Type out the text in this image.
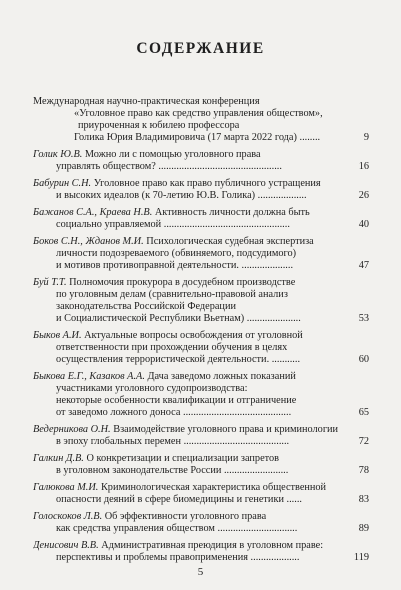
СОДЕРЖАНИЕ
Международная научно-практическая конференция
«Уголовное право как средство управления обществом»,
приуроченная к юбилею профессора
Голика Юрия Владимировича (17 марта 2022 года) ........	9
Голик Ю.В. Можно ли с помощью уголовного права
управлять обществом? ................................................	16
Бабурин С.Н. Уголовное право как право публичного устращения
и высоких идеалов (к 70-летию Ю.В. Голика) ...................	26
Бажанов С.А., Краева Н.В. Активность личности должна быть
социально управляемой .................................................	40
Боков С.Н., Жданов М.И. Психологическая судебная экспертиза
личности подозреваемого (обвиняемого, подсудимого)
и мотивов противоправной деятельности. ....................	47
Буй Т.Т. Полномочия прокурора в досудебном производстве
по уголовным делам (сравнительно-правовой анализ
законодательства Российской Федерации
и Социалистической Республики Вьетнам) .....................	53
Быков А.И. Актуальные вопросы освобождения от уголовной
ответственности при прохождении обучения в целях
осуществления террористической деятельности. ...........	60
Быкова Е.Г., Казаков А.А. Дача заведомо ложных показаний
участниками уголовного судопроизводства:
некоторые особенности квалификации и отграничение
от заведомо ложного доноса ..........................................	65
Ведерникова О.Н. Взаимодействие уголовного права и криминологии
в эпоху глобальных перемен .........................................	72
Галкин Д.В. О конкретизации и специализации запретов
в уголовном законодательстве России .........................	78
Галюкова М.И. Криминологическая характеристика общественной
опасности деяний в сфере биомедицины и генетики ......	83
Голоскоков Л.В. Об эффективности уголовного права
как средства управления обществом ...............................	89
Денисович В.В. Административная преюдиция в уголовном праве:
перспективы и проблемы правоприменения ...................	119
5
